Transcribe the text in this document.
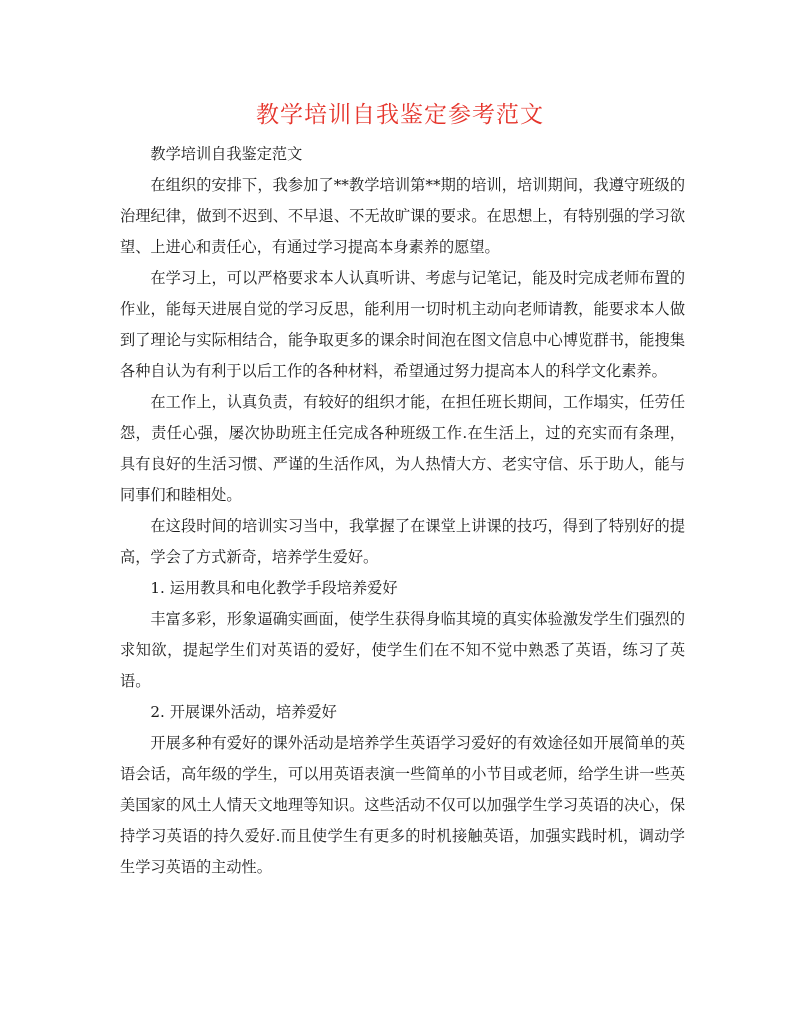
教学培训自我鉴定参考范文

教学培训自我鉴定范文

在组织的安排下，我参加了**教学培训第**期的培训，培训期间，我遵守班级的治理纪律，做到不迟到、不早退、不无故旷课的要求。在思想上，有特别强的学习欲望、上进心和责任心，有通过学习提高本身素养的愿望。

在学习上，可以严格要求本人认真听讲、考虑与记笔记，能及时完成老师布置的作业，能每天进展自觉的学习反思，能利用一切时机主动向老师请教，能要求本人做到了理论与实际相结合，能争取更多的课余时间泡在图文信息中心博览群书，能搜集各种自认为有利于以后工作的各种材料，希望通过努力提高本人的科学文化素养。

在工作上，认真负责，有较好的组织才能，在担任班长期间，工作塌实，任劳任怨，责任心强，屡次协助班主任完成各种班级工作.在生活上，过的充实而有条理，具有良好的生活习惯、严谨的生活作风，为人热情大方、老实守信、乐于助人，能与同事们和睦相处。

在这段时间的培训实习当中，我掌握了在课堂上讲课的技巧，得到了特别好的提高，学会了方式新奇，培养学生爱好。

1. 运用教具和电化教学手段培养爱好

丰富多彩，形象逼确实画面，使学生获得身临其境的真实体验激发学生们强烈的求知欲，提起学生们对英语的爱好，使学生们在不知不觉中熟悉了英语，练习了英语。

2. 开展课外活动，培养爱好

开展多种有爱好的课外活动是培养学生英语学习爱好的有效途径如开展简单的英语会话，高年级的学生，可以用英语表演一些简单的小节目或老师，给学生讲一些英美国家的风土人情天文地理等知识。这些活动不仅可以加强学生学习英语的决心，保持学习英语的持久爱好.而且使学生有更多的时机接触英语，加强实践时机，调动学生学习英语的主动性。
